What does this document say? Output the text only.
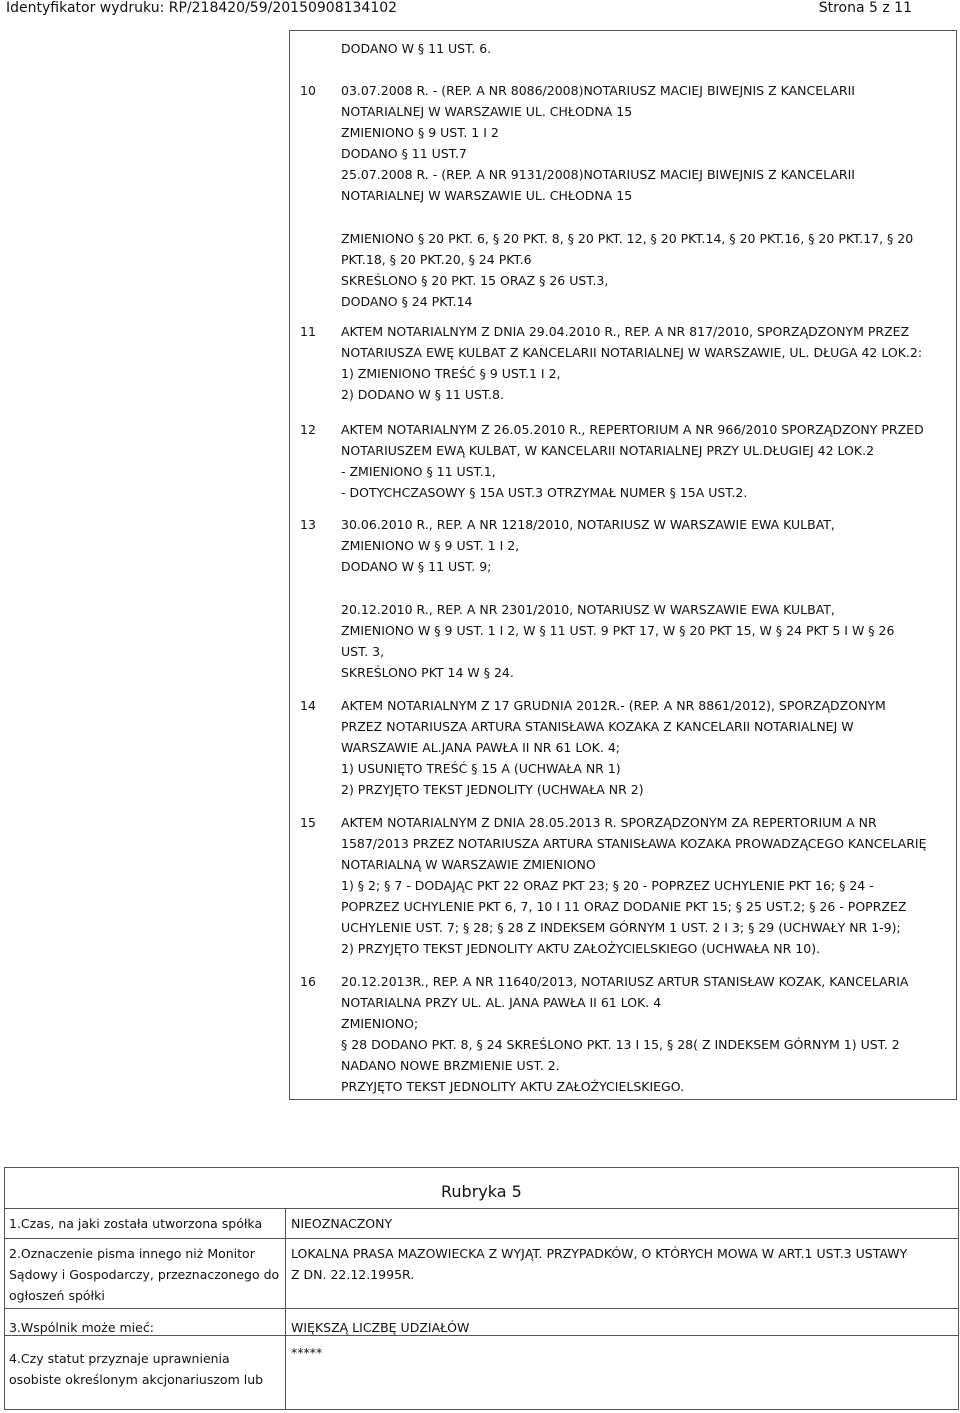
Identyfikator wydruku: RP/218420/59/20150908134102	Strona 5 z 11
DODANO W § 11 UST. 6.
10 03.07.2008 R. - (REP. A NR 8086/2008)NOTARIUSZ MACIEJ BIWEJNIS Z KANCELARII
NOTARIALNEJ W WARSZAWIE UL. CHŁODNA 15
ZMIENIONO § 9 UST. 1 I 2
DODANO § 11 UST.7
25.07.2008 R. - (REP. A NR 9131/2008)NOTARIUSZ MACIEJ BIWEJNIS Z KANCELARII
NOTARIALNEJ W WARSZAWIE UL. CHŁODNA 15
ZMIENIONO § 20 PKT. 6, § 20 PKT. 8, § 20 PKT. 12, § 20 PKT.14, § 20 PKT.16, § 20 PKT.17, § 20
PKT.18, § 20 PKT.20, § 24 PKT.6
SKREŚLONO § 20 PKT. 15 ORAZ § 26 UST.3,
DODANO § 24 PKT.14
11 AKTEM NOTARIALNYM Z DNIA 29.04.2010 R., REP. A NR 817/2010, SPORZĄDZONYM PRZEZ
NOTARIUSZA EWĘ KULBAT Z KANCELARII NOTARIALNEJ W WARSZAWIE, UL. DŁUGA 42 LOK.2:
1) ZMIENIONO TREŚĆ § 9 UST.1 I 2,
2) DODANO W § 11 UST.8.
12 AKTEM NOTARIALNYM Z 26.05.2010 R., REPERTORIUM A NR 966/2010 SPORZĄDZONY PRZED
NOTARIUSZEM EWĄ KULBAT, W KANCELARII NOTARIALNEJ PRZY UL.DŁUGIEJ 42 LOK.2
- ZMIENIONO § 11 UST.1,
- DOTYCHCZASOWY § 15A UST.3 OTRZYMAŁ NUMER § 15A UST.2.
13 30.06.2010 R., REP. A NR 1218/2010, NOTARIUSZ W WARSZAWIE EWA KULBAT,
ZMIENIONO W § 9 UST. 1 I 2,
DODANO W § 11 UST. 9;
20.12.2010 R., REP. A NR 2301/2010, NOTARIUSZ W WARSZAWIE EWA KULBAT,
ZMIENIONO W § 9 UST. 1 I 2, W § 11 UST. 9 PKT 17, W § 20 PKT 15, W § 24 PKT 5 I W § 26
UST. 3,
SKREŚLONO PKT 14 W § 24.
14 AKTEM NOTARIALNYM Z 17 GRUDNIA 2012R.- (REP. A NR 8861/2012), SPORZĄDZONYM
PRZEZ NOTARIUSZA ARTURA STANISŁAWA KOZAKA Z KANCELARII NOTARIALNEJ W
WARSZAWIE AL.JANA PAWŁA II NR 61 LOK. 4;
1) USUNIĘTO TREŚĆ § 15 A (UCHWAŁA NR 1)
2) PRZYJĘTO TEKST JEDNOLITY (UCHWAŁA NR 2)
15 AKTEM NOTARIALNYM Z DNIA 28.05.2013 R. SPORZĄDZONYM ZA REPERTORIUM A NR
1587/2013 PRZEZ NOTARIUSZA ARTURA STANISŁAWA KOZAKA PROWADZĄCEGO KANCELARIĘ
NOTARIALNĄ W WARSZAWIE ZMIENIONO
1) § 2; § 7 - DODAJĄC PKT 22 ORAZ PKT 23; § 20 - POPRZEZ UCHYLENIE PKT 16; § 24 -
POPRZEZ UCHYLENIE PKT 6, 7, 10 I 11 ORAZ DODANIE PKT 15; § 25 UST.2; § 26 - POPRZEZ
UCHYLENIE UST. 7; § 28; § 28 Z INDEKSEM GÓRNYM 1 UST. 2 I 3; § 29 (UCHWAŁY NR 1-9);
2) PRZYJĘTO TEKST JEDNOLITY AKTU ZAŁOŻYCIELSKIEGO (UCHWAŁA NR 10).
16 20.12.2013R., REP. A NR 11640/2013, NOTARIUSZ ARTUR STANISŁAW KOZAK, KANCELARIA
NOTARIALNA PRZY UL. AL. JANA PAWŁA II 61 LOK. 4
ZMIENIONO;
§ 28 DODANO PKT. 8, § 24 SKREŚLONO PKT. 13 I 15, § 28( Z INDEKSEM GÓRNYM 1) UST. 2
NADANO NOWE BRZMIENIE UST. 2.
PRZYJĘTO TEKST JEDNOLITY AKTU ZAŁOŻYCIELSKIEGO.
Rubryka 5
1.Czas, na jaki została utworzona spółka NIEOZNACZONY
2.Oznaczenie pisma innego niż Monitor
Sądowy i Gospodarczy, przeznaczonego do
ogłoszeń spółki
LOKALNA PRASA MAZOWIECKA Z WYJĄT. PRZYPADKÓW, O KTÓRYCH MOWA W ART.1 UST.3 USTAWY
Z DN. 22.12.1995R.
3.Wspólnik może mieć:	WIĘKSZĄ LICZBĘ UDZIAŁÓW
4.Czy statut przyznaje uprawnienia
osobiste określonym akcjonariuszom lub
*****
